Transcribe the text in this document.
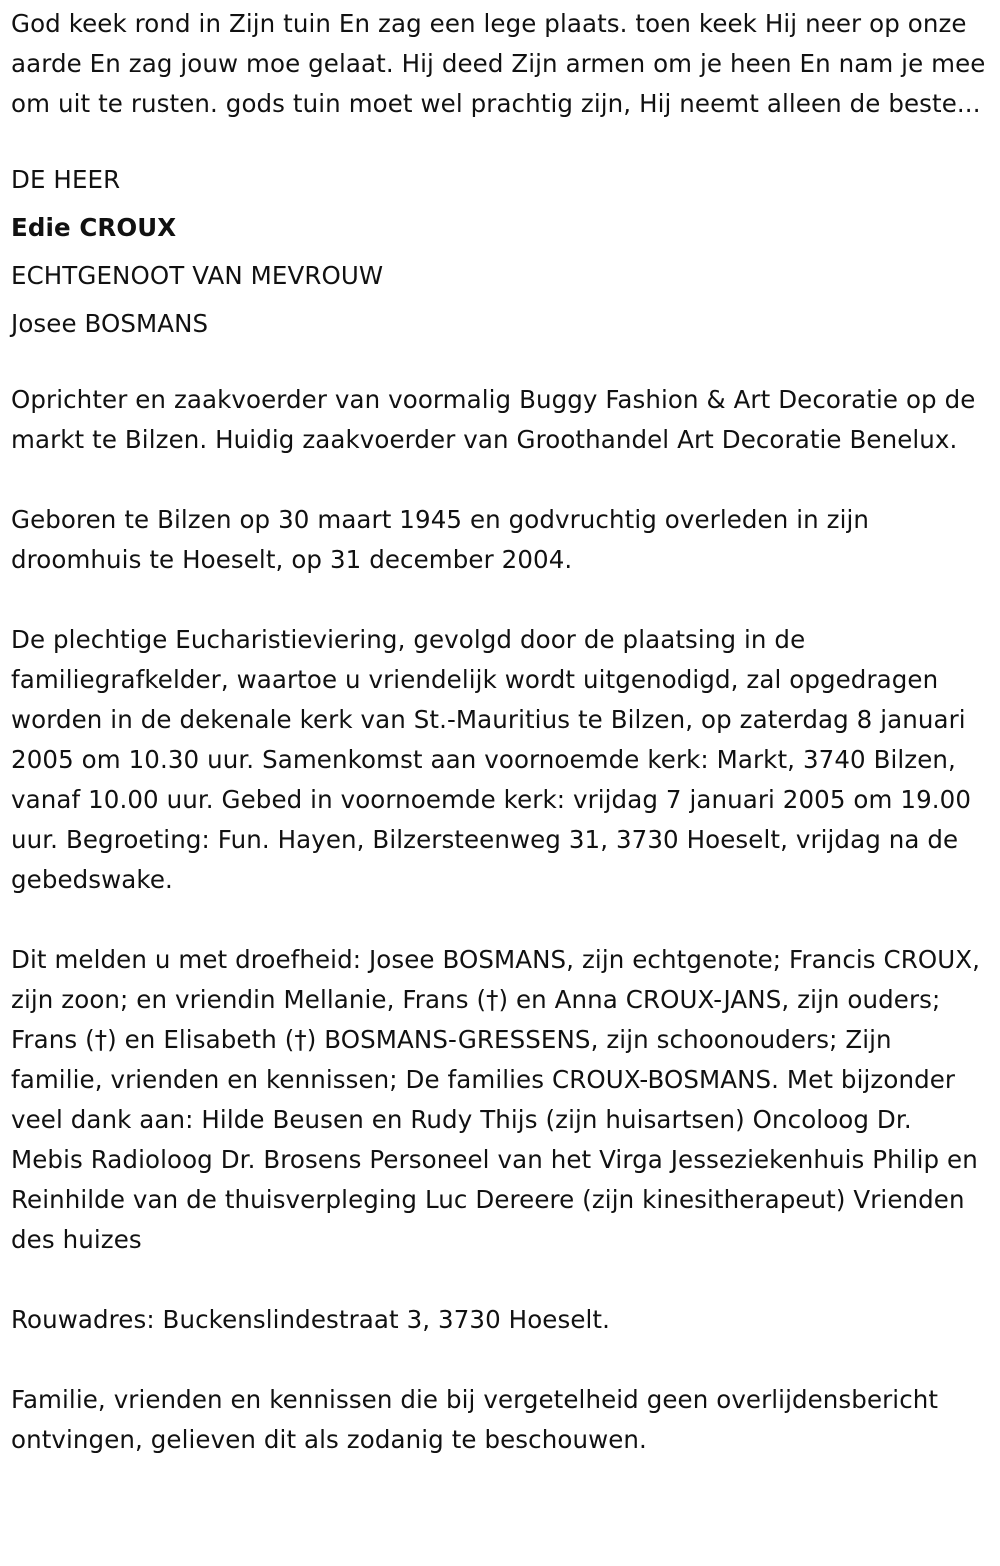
God keek rond in Zijn tuin En zag een lege plaats. toen keek Hij neer op onze aarde En zag jouw moe gelaat. Hij deed Zijn armen om je heen En nam je mee om uit te rusten. gods tuin moet wel prachtig zijn, Hij neemt alleen de beste...

DE HEER

Edie CROUX

ECHTGENOOT VAN MEVROUW

Josee BOSMANS

Oprichter en zaakvoerder van voormalig Buggy Fashion & Art Decoratie op de markt te Bilzen. Huidig zaakvoerder van Groothandel Art Decoratie Benelux.

Geboren te Bilzen op 30 maart 1945 en godvruchtig overleden in zijn droomhuis te Hoeselt, op 31 december 2004.

De plechtige Eucharistieviering, gevolgd door de plaatsing in de familiegrafkelder, waartoe u vriendelijk wordt uitgenodigd, zal opgedragen worden in de dekenale kerk van St.-Mauritius te Bilzen, op zaterdag 8 januari 2005 om 10.30 uur. Samenkomst aan voornoemde kerk: Markt, 3740 Bilzen, vanaf 10.00 uur. Gebed in voornoemde kerk: vrijdag 7 januari 2005 om 19.00 uur. Begroeting: Fun. Hayen, Bilzersteenweg 31, 3730 Hoeselt, vrijdag na de gebedswake.

Dit melden u met droefheid: Josee BOSMANS, zijn echtgenote; Francis CROUX, zijn zoon; en vriendin Mellanie, Frans (†) en Anna CROUX-JANS, zijn ouders; Frans (†) en Elisabeth (†) BOSMANS-GRESSENS, zijn schoonouders; Zijn familie, vrienden en kennissen; De families CROUX-BOSMANS. Met bijzonder veel dank aan: Hilde Beusen en Rudy Thijs (zijn huisartsen) Oncoloog Dr. Mebis Radioloog Dr. Brosens Personeel van het Virga Jesseziekenhuis Philip en Reinhilde van de thuisverpleging Luc Dereere (zijn kinesitherapeut) Vrienden des huizes

Rouwadres: Buckenslindestraat 3, 3730 Hoeselt.

Familie, vrienden en kennissen die bij vergetelheid geen overlijdensbericht ontvingen, gelieven dit als zodanig te beschouwen.
